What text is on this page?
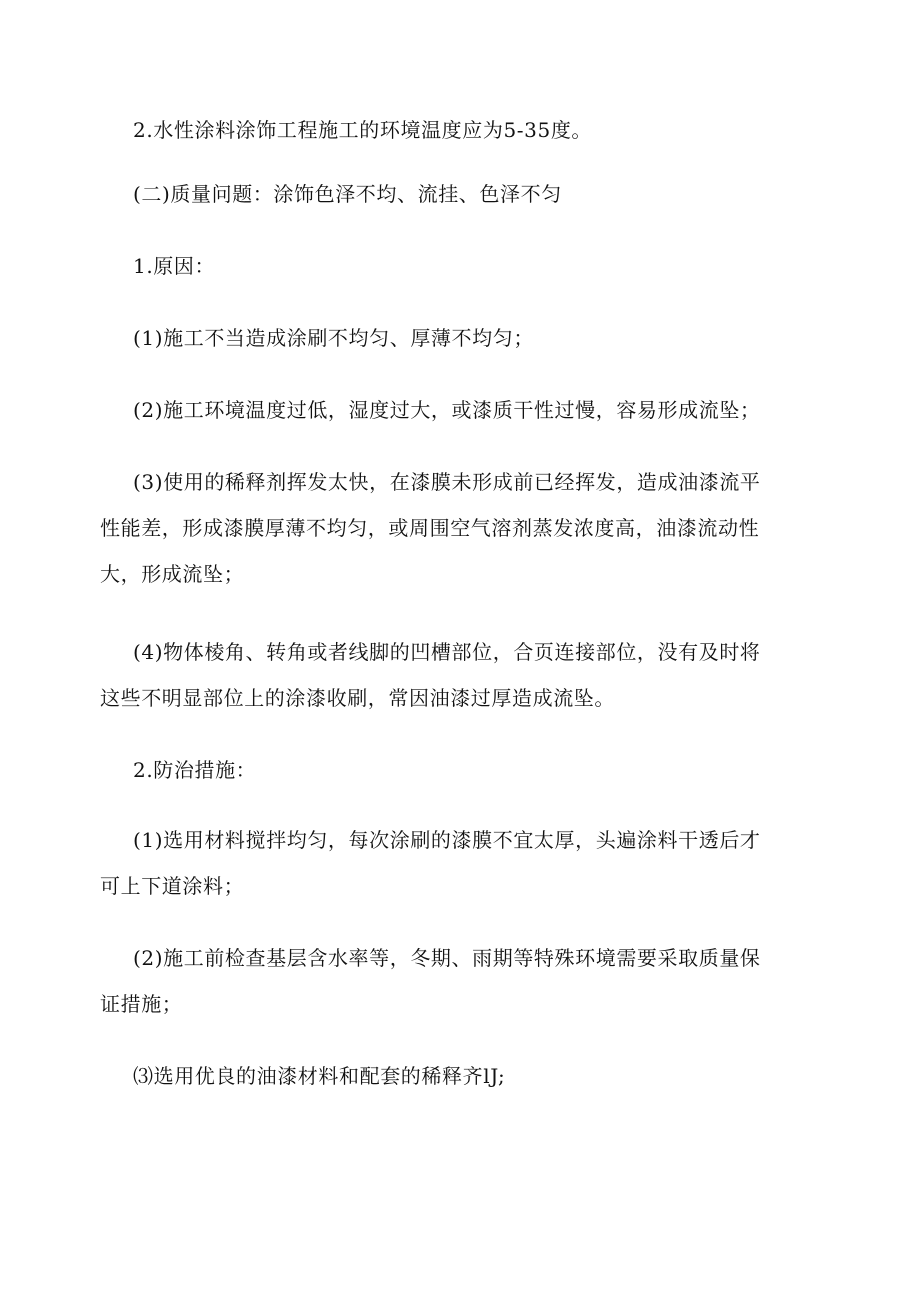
2.水性涂料涂饰工程施工的环境温度应为5-35度。

(二)质量问题：涂饰色泽不均、流挂、色泽不匀

1.原因：

(1)施工不当造成涂刷不均匀、厚薄不均匀；

(2)施工环境温度过低，湿度过大，或漆质干性过慢，容易形成流坠；

(3)使用的稀释剂挥发太快，在漆膜未形成前已经挥发，造成油漆流平
性能差，形成漆膜厚薄不均匀，或周围空气溶剂蒸发浓度高，油漆流动性
大，形成流坠；

(4)物体棱角、转角或者线脚的凹槽部位，合页连接部位，没有及时将
这些不明显部位上的涂漆收刷，常因油漆过厚造成流坠。

2.防治措施：

(1)选用材料搅拌均匀，每次涂刷的漆膜不宜太厚，头遍涂料干透后才
可上下道涂料；

(2)施工前检查基层含水率等，冬期、雨期等特殊环境需要采取质量保
证措施；

⑶选用优良的油漆材料和配套的稀释齐lJ;
